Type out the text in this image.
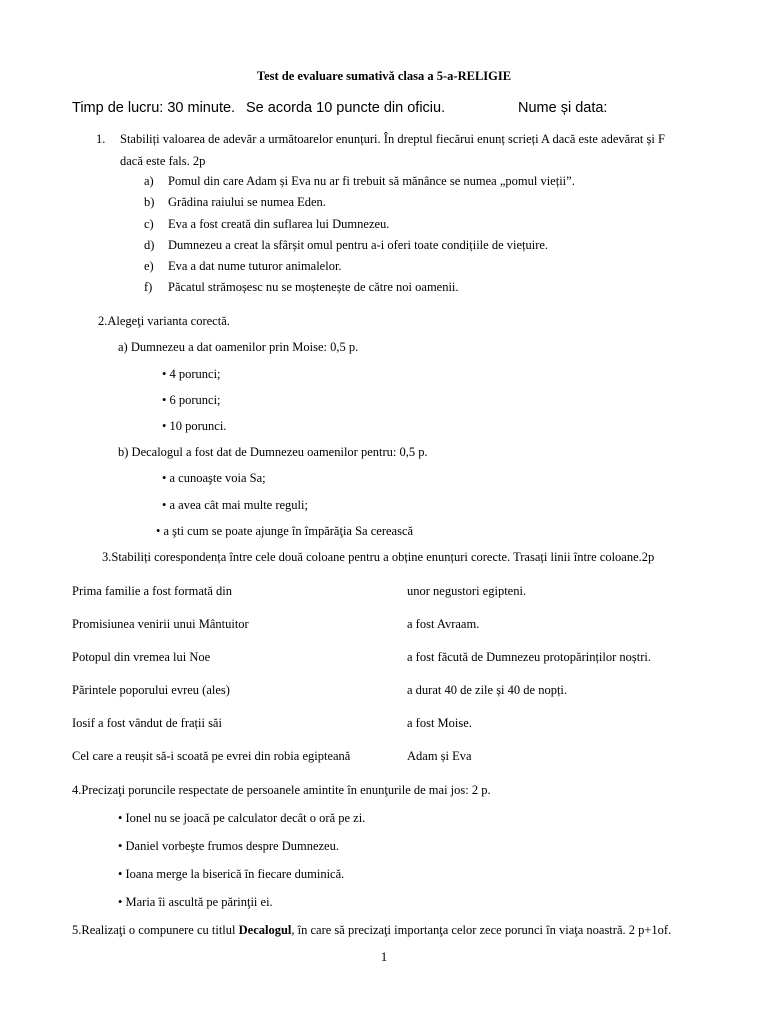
Test de evaluare sumativă clasa a 5-a-RELIGIE
Timp de lucru: 30 minute. Se acorda 10 puncte din oficiu.	Nume și data:
1. Stabiliți valoarea de adevăr a următoarelor enunțuri. În dreptul fiecărui enunț scrieți A dacă este adevărat și F
dacă este fals. 2p
a) Pomul din care Adam și Eva nu ar fi trebuit să mănânce se numea „pomul vieții”.
b) Grădina raiului se numea Eden.
c) Eva a fost creată din suflarea lui Dumnezeu.
d) Dumnezeu a creat la sfârșit omul pentru a-i oferi toate condițiile de viețuire.
e) Eva a dat nume tuturor animalelor.
f) Păcatul strămoșesc nu se moștenește de către noi oamenii.
2.Alegeţi varianta corectă.
a) Dumnezeu a dat oamenilor prin Moise: 0,5 p.
• 4 porunci;
• 6 porunci;
• 10 porunci.
b) Decalogul a fost dat de Dumnezeu oamenilor pentru: 0,5 p.
• a cunoaşte voia Sa;
• a avea cât mai multe reguli;
• a şti cum se poate ajunge în împărăţia Sa cerească
3.Stabiliți corespondența între cele două coloane pentru a obține enunțuri corecte. Trasați linii între coloane.2p
Prima familie a fost formată din	unor negustori egipteni.
Promisiunea venirii unui Mântuitor	a fost Avraam.
Potopul din vremea lui Noe	a fost făcută de Dumnezeu protopărinților noștri.
Părintele poporului evreu (ales)	a durat 40 de zile și 40 de nopți.
Iosif a fost vândut de frații săi	a fost Moise.
Cel care a reușit să-i scoată pe evrei din robia egipteană	Adam și Eva
4.Precizaţi poruncile respectate de persoanele amintite în enunţurile de mai jos: 2 p.
• Ionel nu se joacă pe calculator decât o oră pe zi.
• Daniel vorbeşte frumos despre Dumnezeu.
• Ioana merge la biserică în fiecare duminică.
• Maria îi ascultă pe părinţii ei.
5.Realizaţi o compunere cu titlul Decalogul, în care să precizaţi importanţa celor zece porunci în viaţa noastră. 2 p+1of.
1
